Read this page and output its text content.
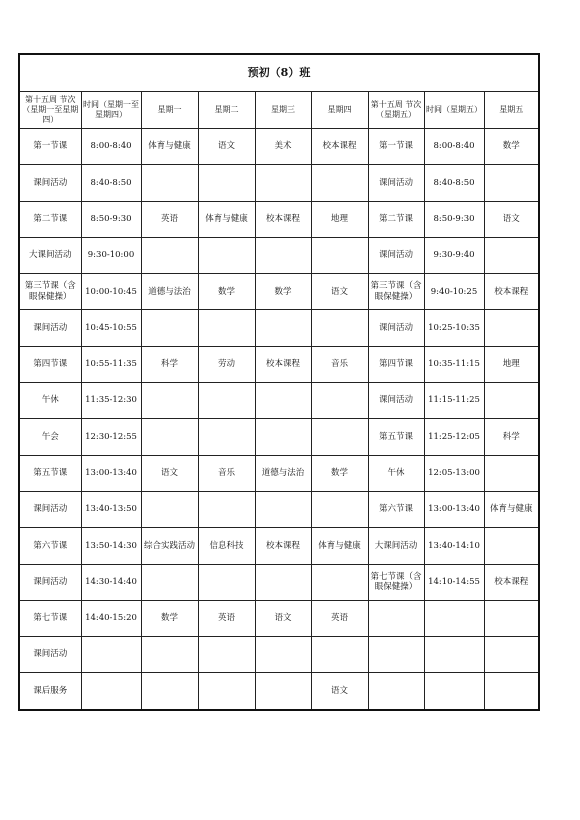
预初（8）班								
第十五周 节次（星期一至星期四）	时间（星期一至星期四）	星期一	星期二	星期三	星期四	第十五周 节次（星期五）	时间（星期五）	星期五
第一节课	8:00-8:40	体育与健康	语文	美术	校本课程	第一节课	8:00-8:40	数学
课间活动	8:40-8:50					课间活动	8:40-8:50	
第二节课	8:50-9:30	英语	体育与健康	校本课程	地理	第二节课	8:50-9:30	语文
大课间活动	9:30-10:00					课间活动	9:30-9:40	
第三节课（含眼保健操）	10:00-10:45	道德与法治	数学	数学	语文	第三节课（含眼保健操）	9:40-10:25	校本课程
课间活动	10:45-10:55					课间活动	10:25-10:35	
第四节课	10:55-11:35	科学	劳动	校本课程	音乐	第四节课	10:35-11:15	地理
午休	11:35-12:30					课间活动	11:15-11:25	
午会	12:30-12:55					第五节课	11:25-12:05	科学
第五节课	13:00-13:40	语文	音乐	道德与法治	数学	午休	12:05-13:00	
课间活动	13:40-13:50					第六节课	13:00-13:40	体育与健康
第六节课	13:50-14:30	综合实践活动	信息科技	校本课程	体育与健康	大课间活动	13:40-14:10	
课间活动	14:30-14:40					第七节课（含眼保健操）	14:10-14:55	校本课程
第七节课	14:40-15:20	数学	英语	语文	英语			
课间活动								
课后服务					语文			
